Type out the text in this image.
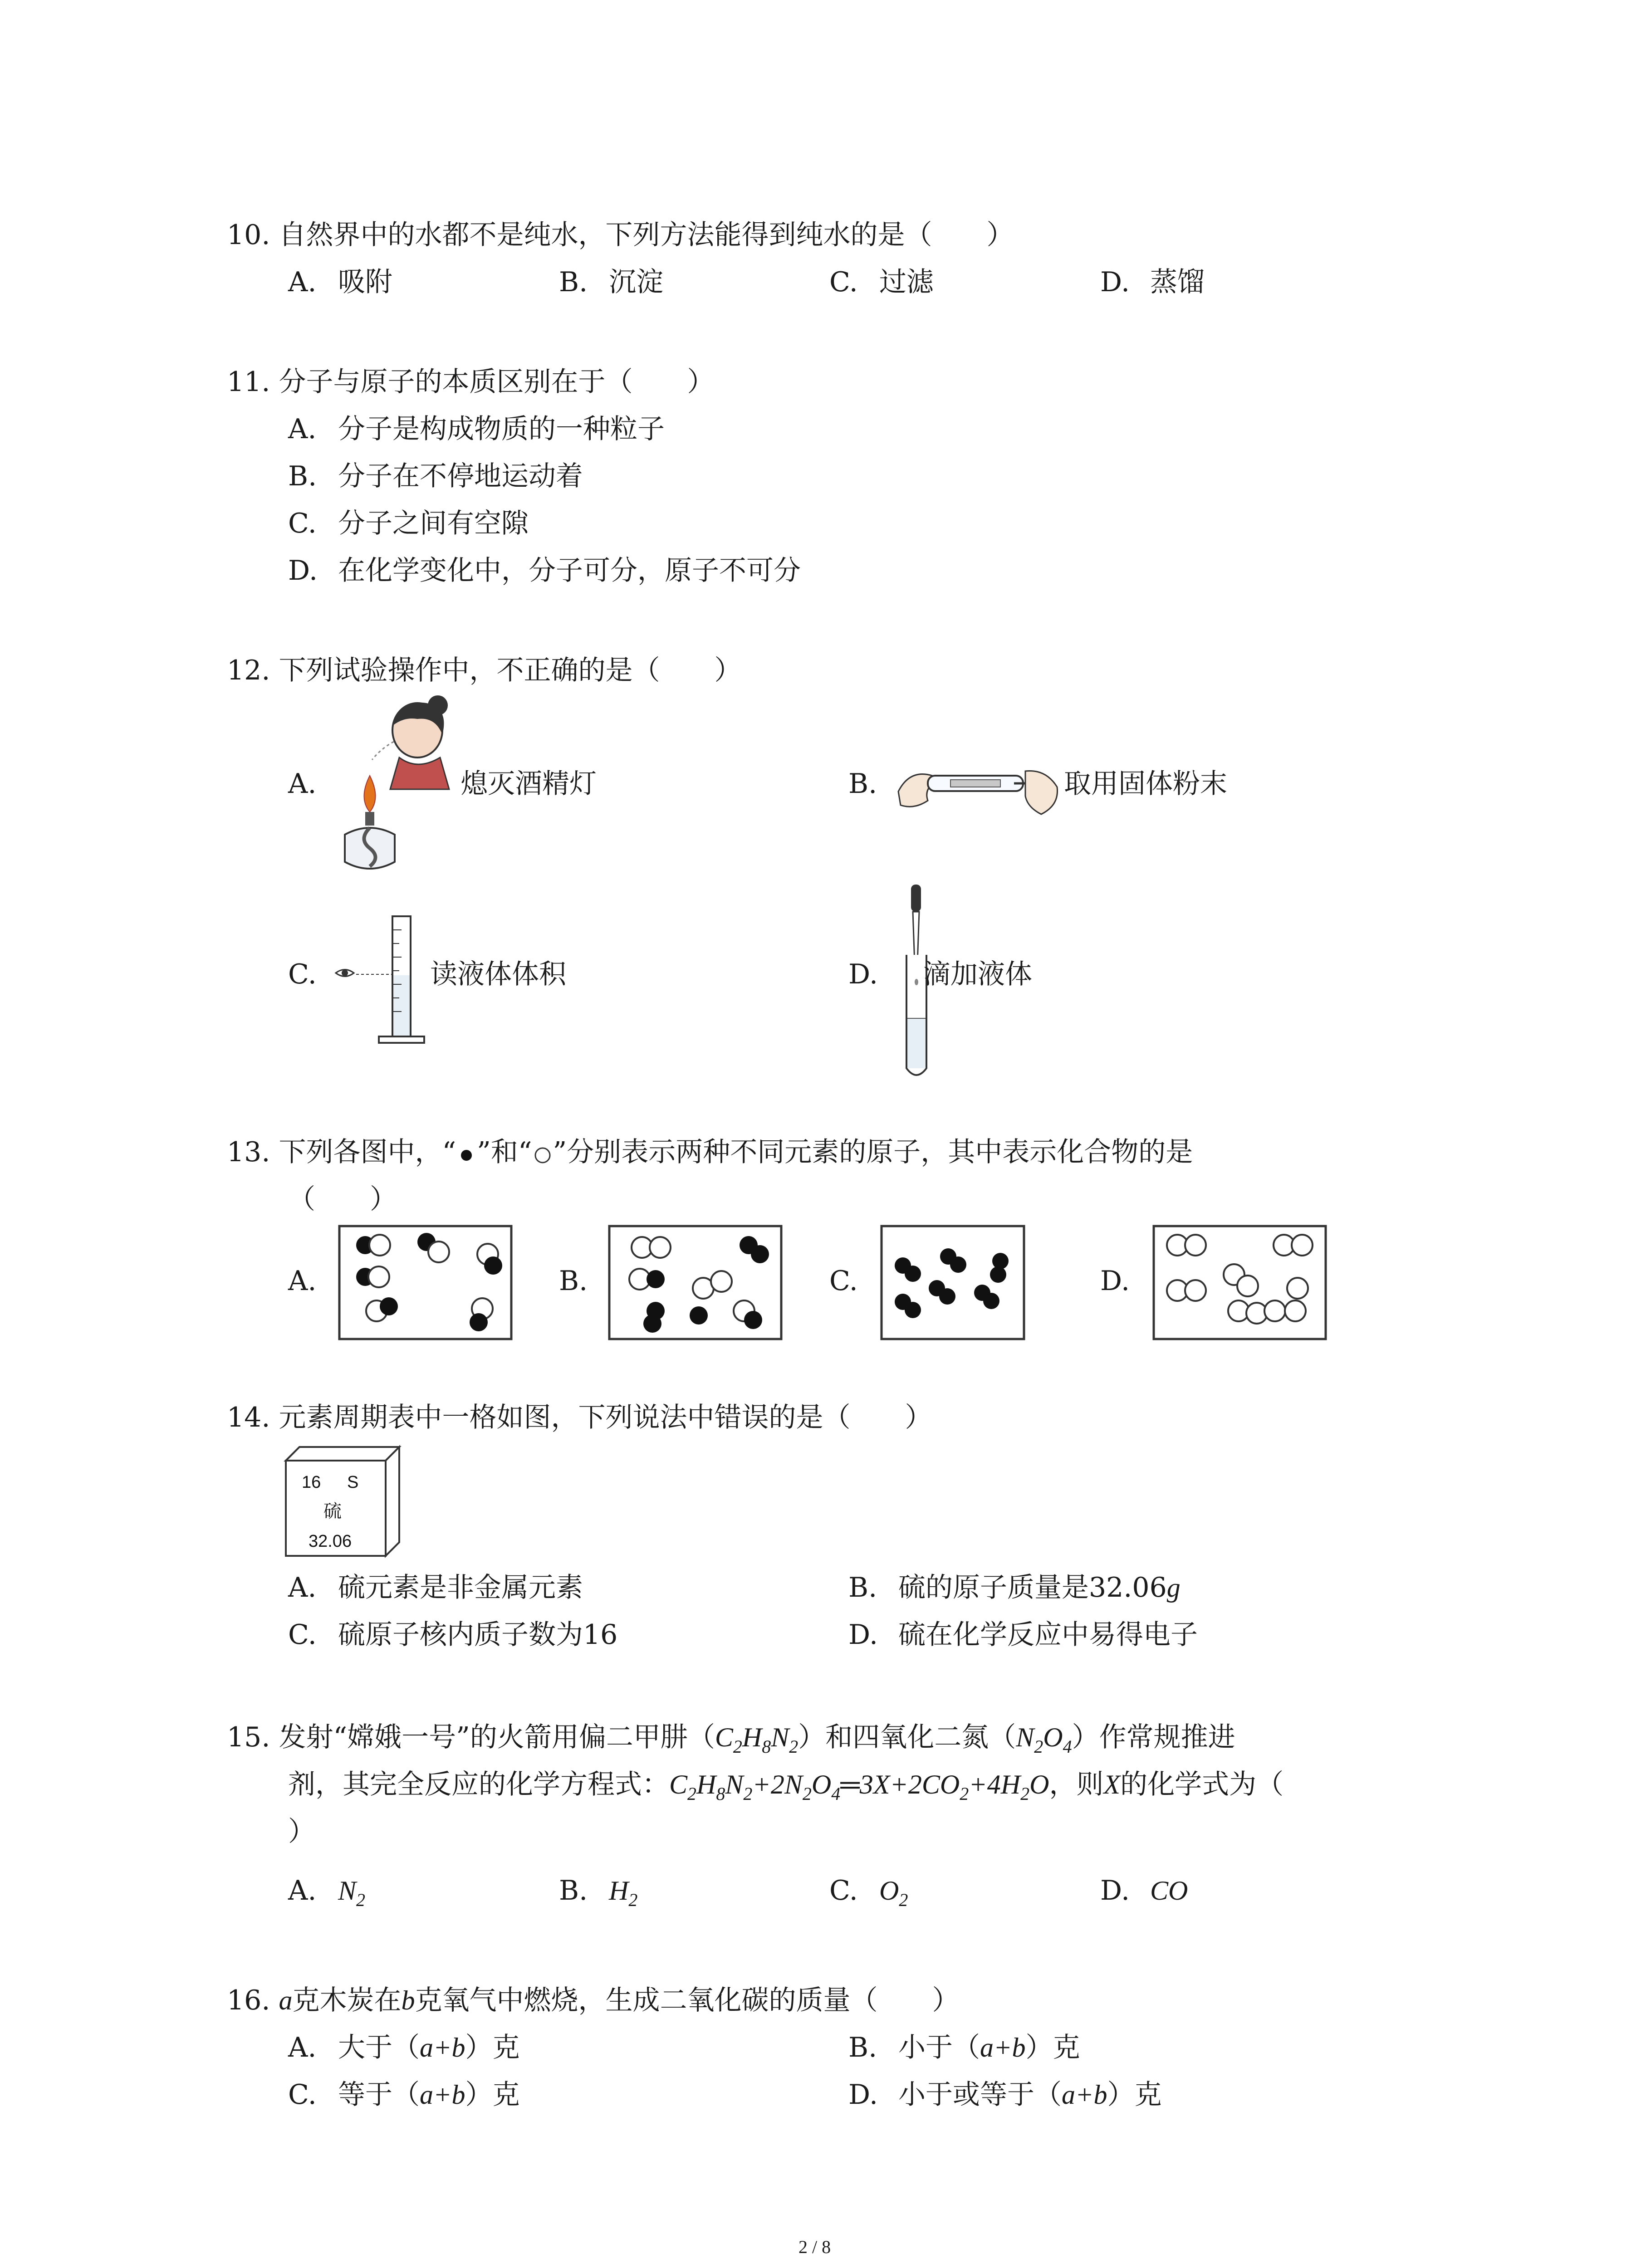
10. 自然界中的水都不是纯水，下列方法能得到纯水的是（　　）
A. 吸附	B. 沉淀	C. 过滤	D. 蒸馏
11. 分子与原子的本质区别在于（　　）
A. 分子是构成物质的一种粒子
B. 分子在不停地运动着
C. 分子之间有空隙
D. 在化学变化中，分子可分，原子不可分
12. 下列试验操作中，不正确的是（　　）
A.	熄灭酒精灯	B.	取用固体粉末
C.	读液体体积	D. 滴加液体
13. 下列各图中，“ ”和“ ”分别表示两种不同元素的原子，其中表示化合物的是
（　　）
A.	B.	C.	D.
14. 元素周期表中一格如图，下列说法中错误的是（　　）
16 S
硫
32.06
A. 硫元素是非金属元素	B. 硫的原子质量是32.06g
C. 硫原子核内质子数为16	D. 硫在化学反应中易得电子
15. 发射“嫦娥一号”的火箭用偏二甲肼$(C_2H_8N_2)$和四氧化二氮$(N_2O_4)$作常规推进
剂，其完全反应的化学方程式：$C_2H_8N_2+2N_2O_4═3X+2CO_2+4H_2O$，则X的化学式为（
）
A. $N_2$	B. $H_2$	C. $O_2$	D. CO
16. a克木炭在b克氧气中燃烧，生成二氧化碳的质量（　　）
A. 大于（a+b）克	B. 小于（a+b）克
C. 等于（a+b）克	D. 小于或等于（a+b）克
2 / 8
